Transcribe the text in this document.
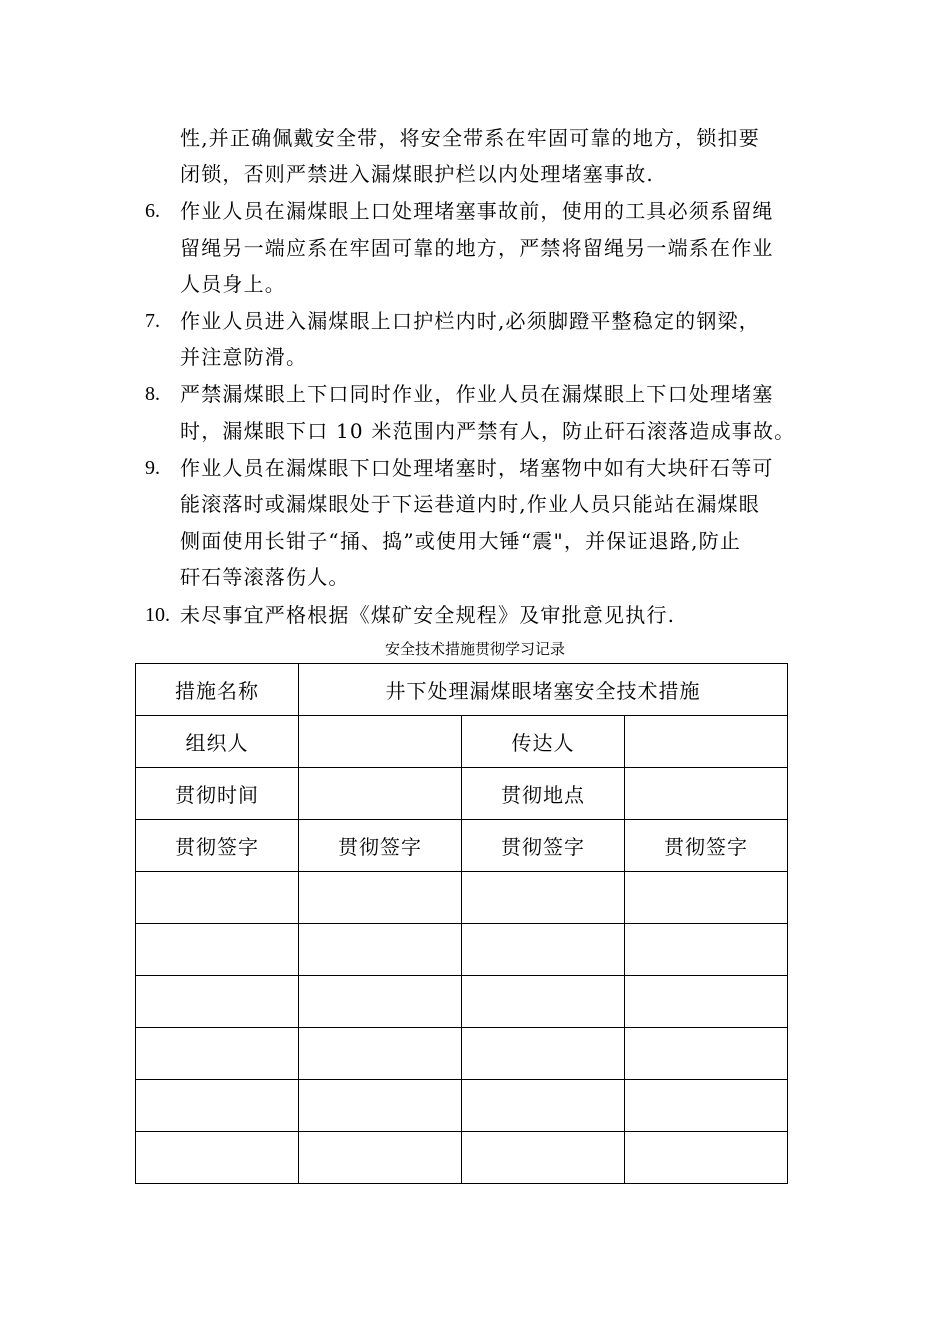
性,并正确佩戴安全带，将安全带系在牢固可靠的地方，锁扣要
闭锁，否则严禁进入漏煤眼护栏以内处理堵塞事故.
6. 作业人员在漏煤眼上口处理堵塞事故前，使用的工具必须系留绳
留绳另一端应系在牢固可靠的地方，严禁将留绳另一端系在作业
人员身上。
7. 作业人员进入漏煤眼上口护栏内时,必须脚蹬平整稳定的钢梁，
并注意防滑。
8. 严禁漏煤眼上下口同时作业，作业人员在漏煤眼上下口处理堵塞
时，漏煤眼下口 10 米范围内严禁有人，防止矸石滚落造成事故。
9. 作业人员在漏煤眼下口处理堵塞时，堵塞物中如有大块矸石等可
能滚落时或漏煤眼处于下运巷道内时,作业人员只能站在漏煤眼
侧面使用长钳子“捅、捣”或使用大锤“震"，并保证退路,防止
矸石等滚落伤人。
10. 未尽事宜严格根据《煤矿安全规程》及审批意见执行.
安全技术措施贯彻学习记录
措施名称	井下处理漏煤眼堵塞安全技术措施		
组织人		传达人	
贯彻时间		贯彻地点	
贯彻签字	贯彻签字	贯彻签字	贯彻签字
